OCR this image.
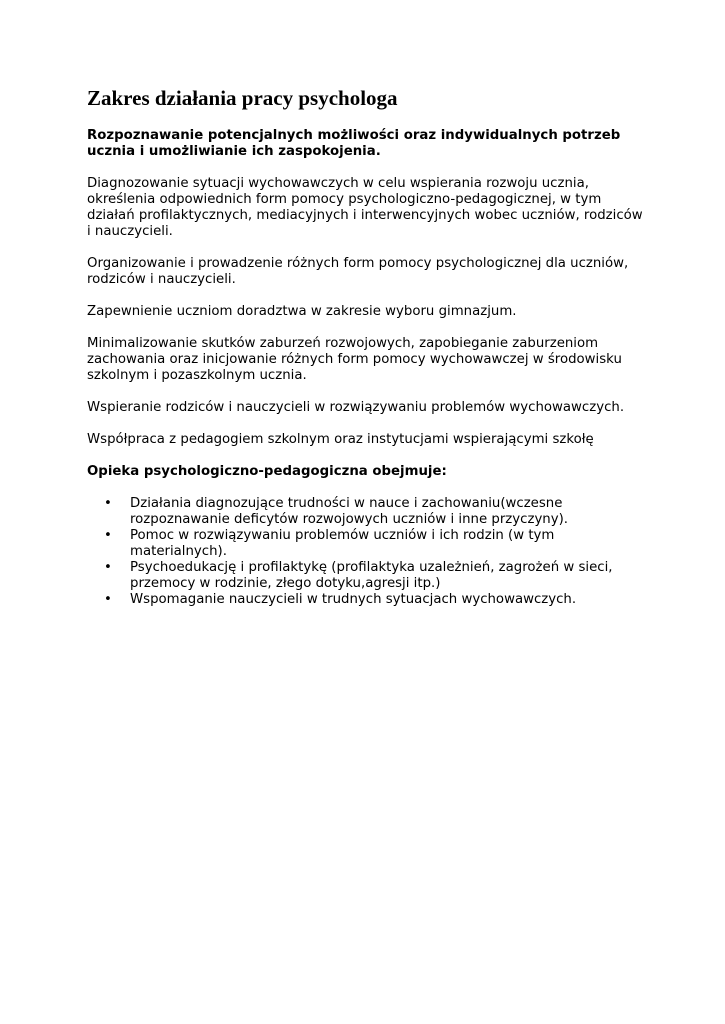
Zakres działania pracy psychologa

Rozpoznawanie potencjalnych możliwości oraz indywidualnych potrzeb ucznia i umożliwianie ich zaspokojenia.

Diagnozowanie sytuacji wychowawczych w celu wspierania rozwoju ucznia, określenia odpowiednich form pomocy psychologiczno-pedagogicznej, w tym działań profilaktycznych, mediacyjnych i interwencyjnych wobec uczniów, rodziców i nauczycieli.

Organizowanie i prowadzenie różnych form pomocy psychologicznej dla uczniów, rodziców i nauczycieli.

Zapewnienie uczniom doradztwa w zakresie wyboru gimnazjum.

Minimalizowanie skutków zaburzeń rozwojowych, zapobieganie zaburzeniom zachowania oraz inicjowanie różnych form pomocy wychowawczej w środowisku szkolnym i pozaszkolnym ucznia.

Wspieranie rodziców i nauczycieli w rozwiązywaniu problemów wychowawczych.

Współpraca z pedagogiem szkolnym oraz instytucjami wspierającymi szkołę

Opieka psychologiczno-pedagogiczna obejmuje:

• Działania diagnozujące trudności w nauce i zachowaniu(wczesne rozpoznawanie deficytów rozwojowych uczniów i inne przyczyny).
• Pomoc w rozwiązywaniu problemów uczniów i ich rodzin (w tym materialnych).
• Psychoedukację i profilaktykę (profilaktyka uzależnień, zagrożeń w sieci, przemocy w rodzinie, złego dotyku,agresji itp.)
• Wspomaganie nauczycieli w trudnych sytuacjach wychowawczych.
